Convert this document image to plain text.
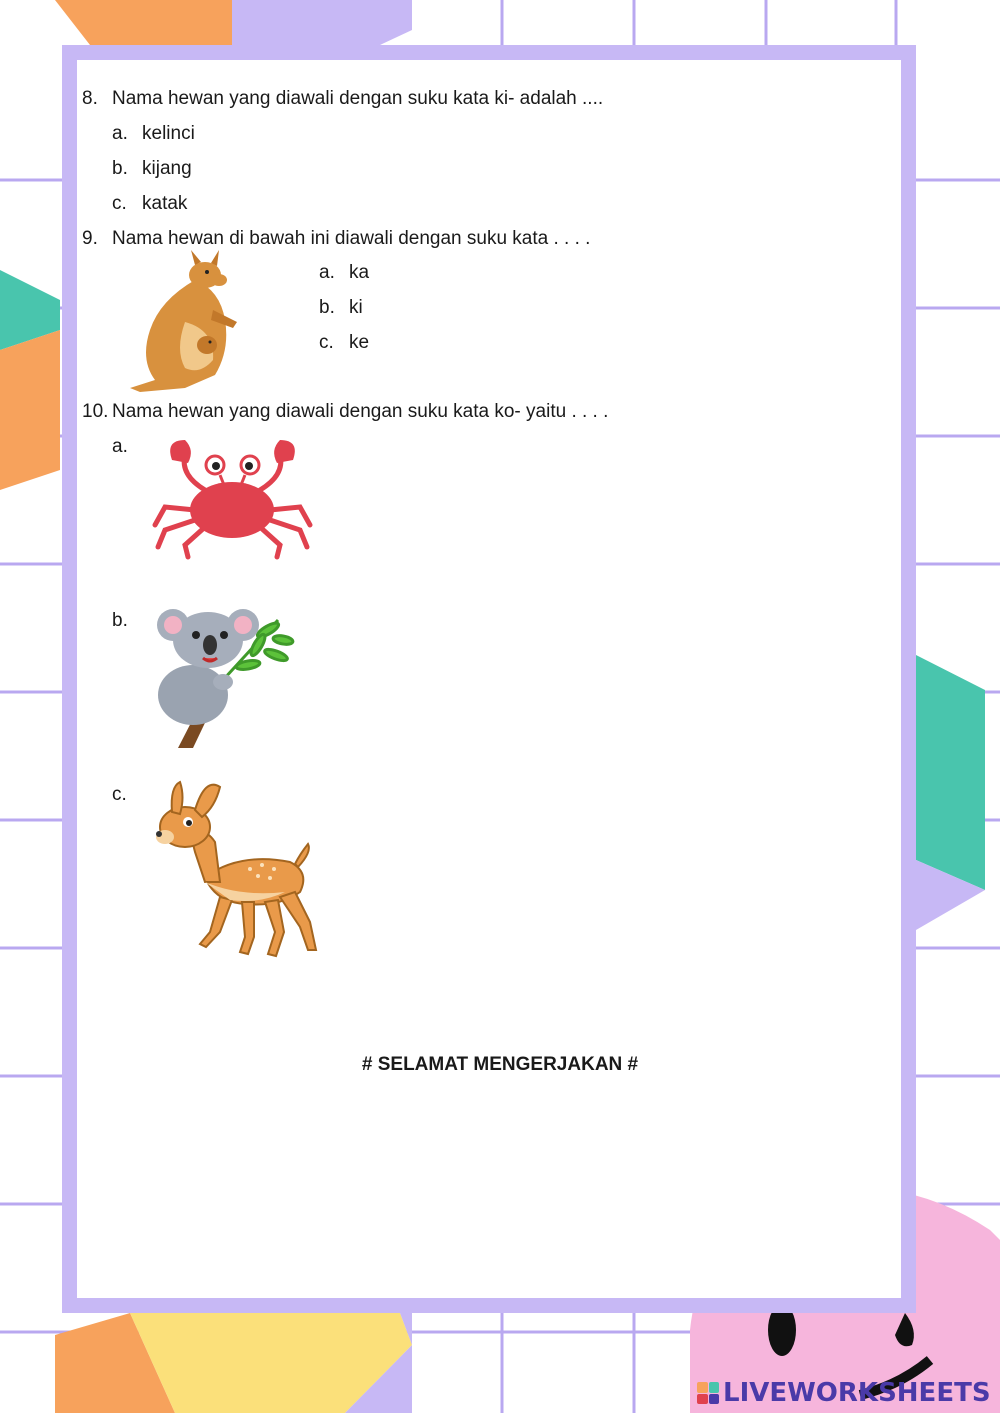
8. Nama hewan yang diawali dengan suku kata ki- adalah ....
a. kelinci
b. kijang
c. katak
9. Nama hewan di bawah ini diawali dengan suku kata . . . .
a. ka
b. ki
c. ke
10. Nama hewan yang diawali dengan suku kata ko- yaitu . . . .
a.
b.
c.
# SELAMAT MENGERJAKAN #
LIVEWORKSHEETS
